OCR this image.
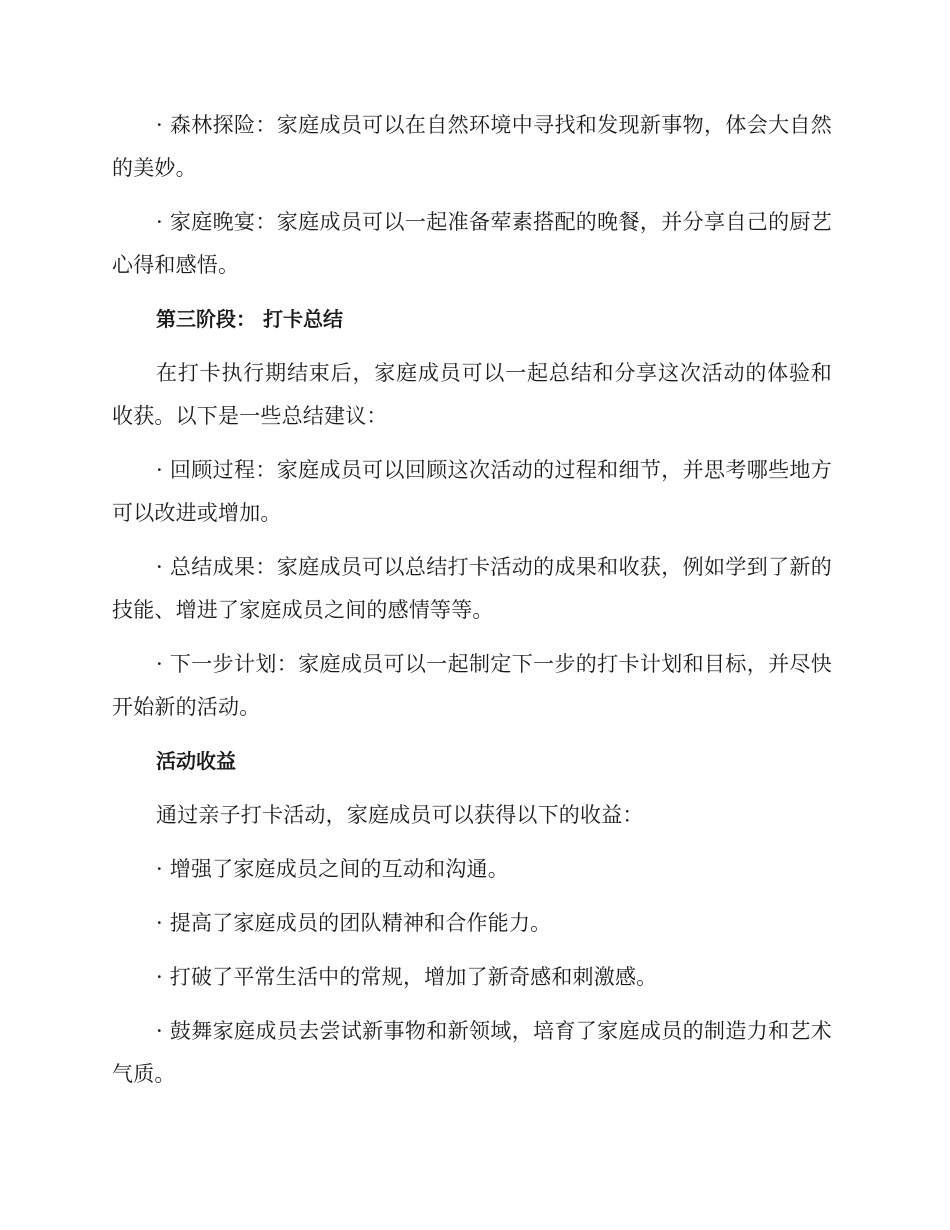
· 森林探险：家庭成员可以在自然环境中寻找和发现新事物，体会大自然的美妙。

· 家庭晚宴：家庭成员可以一起准备荤素搭配的晚餐，并分享自己的厨艺心得和感悟。

第三阶段： 打卡总结

在打卡执行期结束后，家庭成员可以一起总结和分享这次活动的体验和收获。以下是一些总结建议：

· 回顾过程：家庭成员可以回顾这次活动的过程和细节，并思考哪些地方可以改进或增加。

· 总结成果：家庭成员可以总结打卡活动的成果和收获，例如学到了新的技能、增进了家庭成员之间的感情等等。

· 下一步计划：家庭成员可以一起制定下一步的打卡计划和目标，并尽快开始新的活动。

活动收益

通过亲子打卡活动，家庭成员可以获得以下的收益：

· 增强了家庭成员之间的互动和沟通。

· 提高了家庭成员的团队精神和合作能力。

· 打破了平常生活中的常规，增加了新奇感和刺激感。

· 鼓舞家庭成员去尝试新事物和新领域，培育了家庭成员的制造力和艺术气质。
